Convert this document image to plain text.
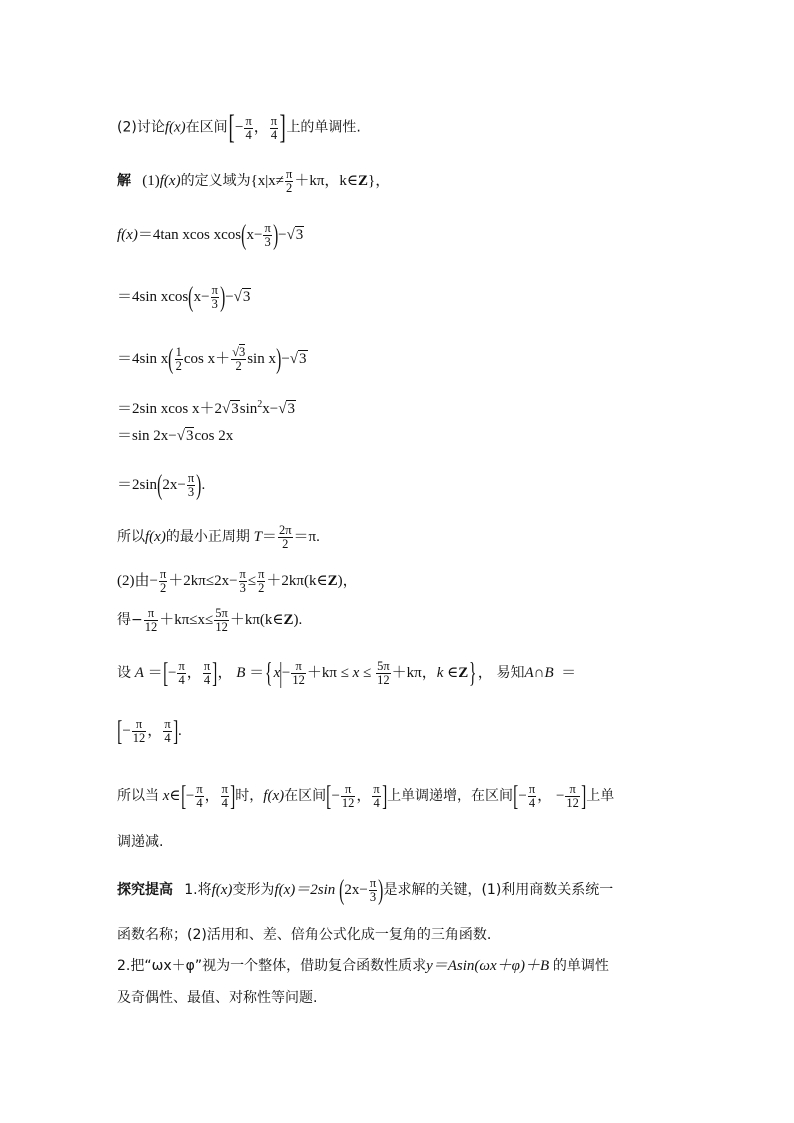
(2)讨论f(x)在区间[− $\frac{\pi}{4}$ ， $\frac{\pi}{4}$ ]上的单调性.
解 (1)f(x)的定义域为{$x|x\ne \frac{\pi}{2} +k\pi$，k∈Z}，
f(x)＝4tan xcos $xcos(x- \frac{\pi}{3} )-√3$
＝4sin $xcos(x- \frac{\pi}{3} )-√3$
＝4sin $x( \frac{1}{2}$ $\cos x+ \frac{√3}{2}$ sin x)−√3
＝2sin xcos $x+2√3\sin^2x-√3$
＝sin 2x−√3cos 2x
$=2\sin(2x- \frac{\pi}{3}$ ).
所以f(x)的最小正周期 $T= \frac{2\pi}{2} =\pi$.
(2)由− $\frac{\pi}{2} +2k\pi\le 2x- \frac{\pi}{3} \le \frac{\pi}{2}$ ＋2kπ(k∈Z)，
得− $\frac{\pi}{12} +k\pi\le x\le \frac{5\pi}{12}$ ＋kπ(k∈Z).
设 A ＝[− $\frac{\pi}{4}$ ， $\frac{\pi}{4}$ ]， $B =\{x|- \frac{\pi}{12} +k\pi \le x \le \frac{5\pi}{12} +k\pi$，k ∈Z}， 易知A∩B ＝
[− $\frac{\pi}{12}$ ， $\frac{\pi}{4}$ ].
所以当 x∈[− $\frac{\pi}{4}$ ， $\frac{\pi}{4}$ ]时，f(x)在区间[− $\frac{\pi}{12}$ ， $\frac{\pi}{4}$ ]上单调递增，在区间[− $\frac{\pi}{4}$ ， − $\frac{\pi}{12}$ ]上单
调递减.
探究提高 1.将f(x)变形为f(x)＝2sin ($2x- \frac{\pi}{3}$ )是求解的关键，(1)利用商数关系统一
函数名称；(2)活用和、差、倍角公式化成一复角的三角函数.
2.把“ωx＋φ”视为一个整体，借助复合函数性质求y＝Asin(ωx＋φ)＋B 的单调性
及奇偶性、最值、对称性等问题.
